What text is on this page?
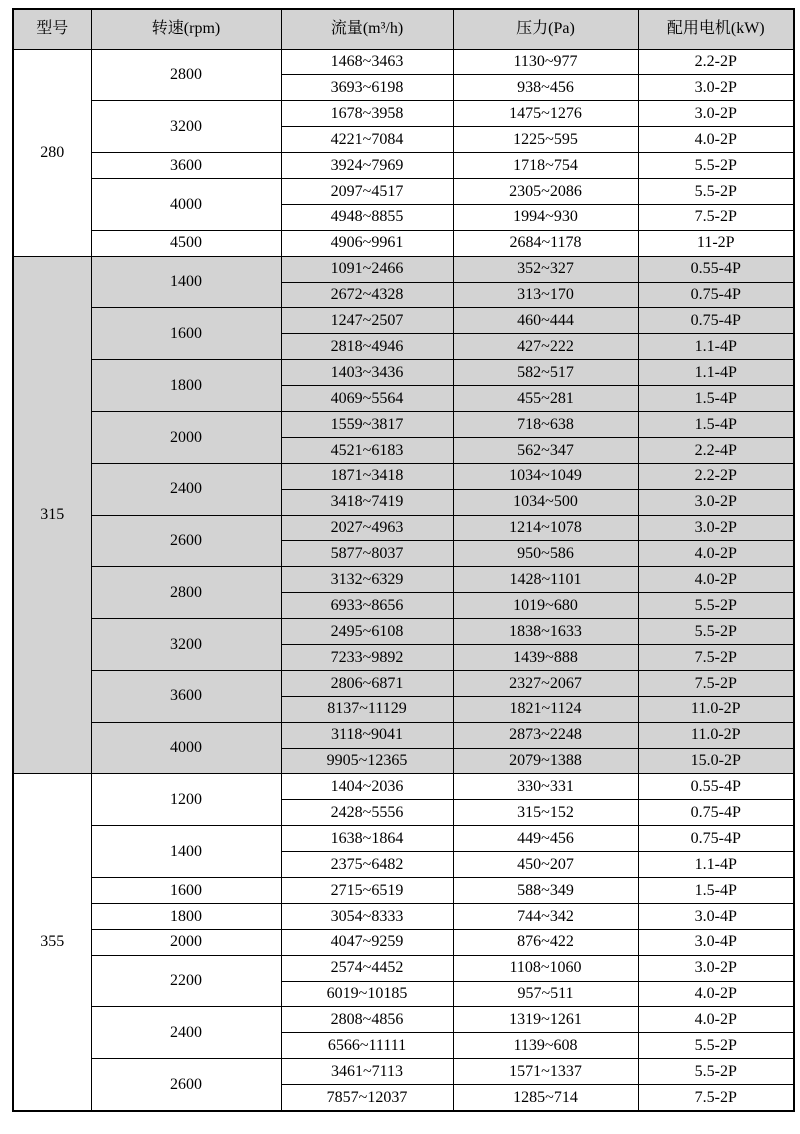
型号	转速(rpm)	流量(m³/h)	压力(Pa)	配用电机(kW)
280	2800	1468~3463	1130~977	2.2-2P
		3693~6198	938~456	3.0-2P
	3200	1678~3958	1475~1276	3.0-2P
		4221~7084	1225~595	4.0-2P
	3600	3924~7969	1718~754	5.5-2P
	4000	2097~4517	2305~2086	5.5-2P
		4948~8855	1994~930	7.5-2P
	4500	4906~9961	2684~1178	11-2P
315	1400	1091~2466	352~327	0.55-4P
		2672~4328	313~170	0.75-4P
	1600	1247~2507	460~444	0.75-4P
		2818~4946	427~222	1.1-4P
	1800	1403~3436	582~517	1.1-4P
		4069~5564	455~281	1.5-4P
	2000	1559~3817	718~638	1.5-4P
		4521~6183	562~347	2.2-4P
	2400	1871~3418	1034~1049	2.2-2P
		3418~7419	1034~500	3.0-2P
	2600	2027~4963	1214~1078	3.0-2P
		5877~8037	950~586	4.0-2P
	2800	3132~6329	1428~1101	4.0-2P
		6933~8656	1019~680	5.5-2P
	3200	2495~6108	1838~1633	5.5-2P
		7233~9892	1439~888	7.5-2P
	3600	2806~6871	2327~2067	7.5-2P
		8137~11129	1821~1124	11.0-2P
	4000	3118~9041	2873~2248	11.0-2P
		9905~12365	2079~1388	15.0-2P
355	1200	1404~2036	330~331	0.55-4P
		2428~5556	315~152	0.75-4P
	1400	1638~1864	449~456	0.75-4P
		2375~6482	450~207	1.1-4P
	1600	2715~6519	588~349	1.5-4P
	1800	3054~8333	744~342	3.0-4P
	2000	4047~9259	876~422	3.0-4P
	2200	2574~4452	1108~1060	3.0-2P
		6019~10185	957~511	4.0-2P
	2400	2808~4856	1319~1261	4.0-2P
		6566~11111	1139~608	5.5-2P
	2600	3461~7113	1571~1337	5.5-2P
		7857~12037	1285~714	7.5-2P
